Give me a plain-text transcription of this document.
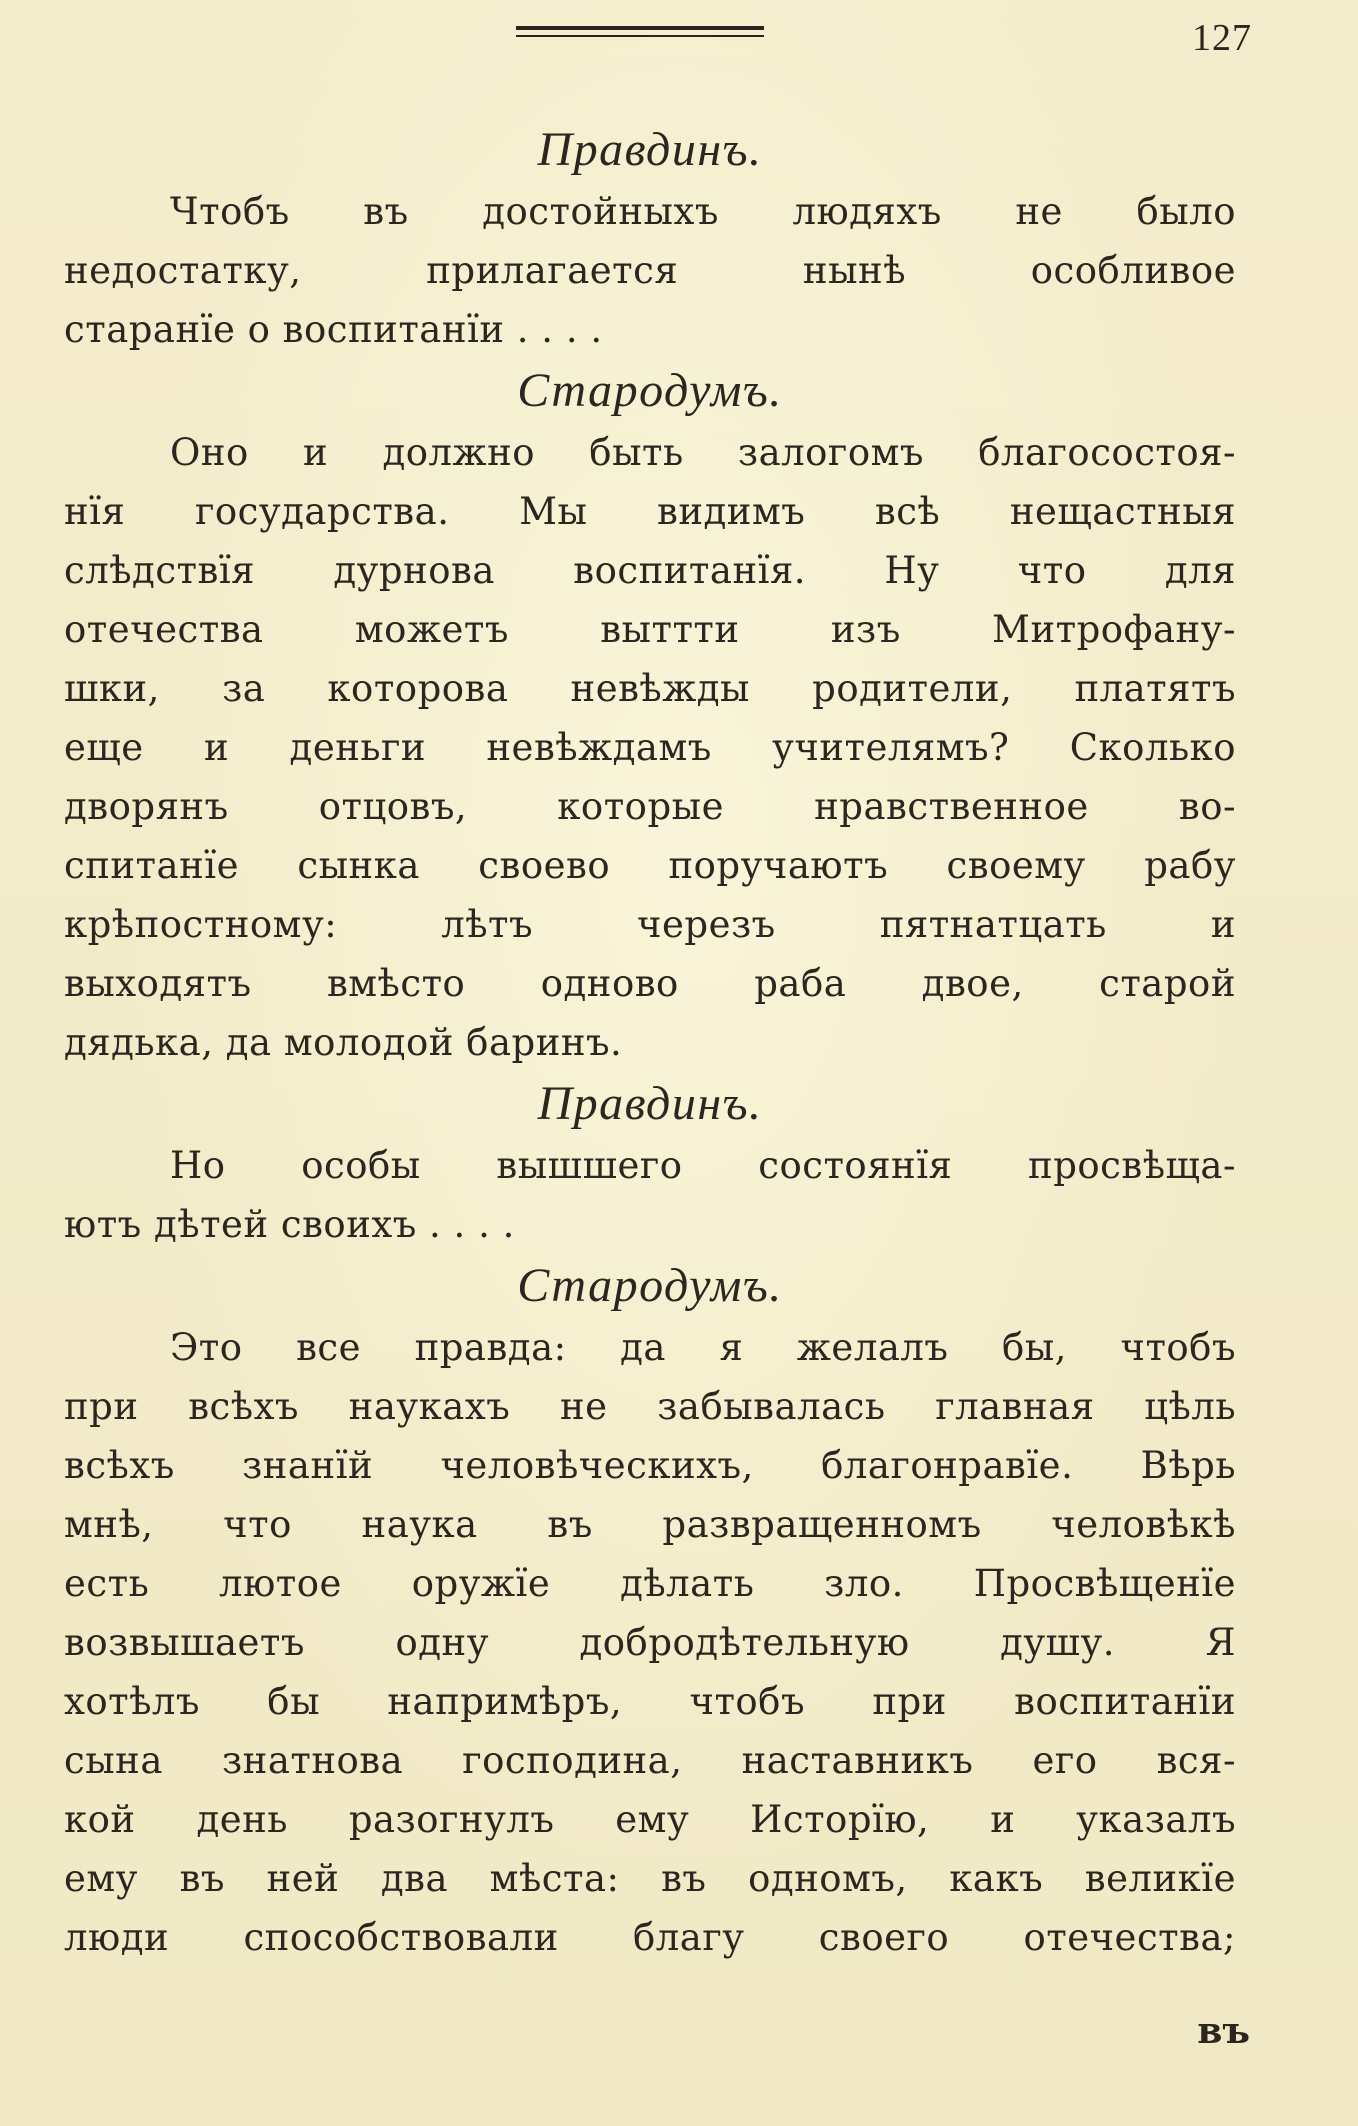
127

Правдинъ.

Чтобъ въ достойныхъ людяхъ не было

недостатку, прилагается нынѣ особливое

старанїе о воспитанїи . . . .

Стародумъ.

Оно и должно быть залогомъ благосостоя-

нїя государства. Мы видимъ всѣ нещастныя

слѣдствїя дурнова воспитанїя. Ну что для

отечества можетъ выттти изъ Митрофану-

шки, за которова невѣжды родители, платятъ

еще и деньги невѣждамъ учителямъ? Сколько

дворянъ отцовъ, которые нравственное во-

спитанїе сынка своево поручаютъ своему рабу

крѣпостному: лѣтъ черезъ пятнатцать и

выходятъ вмѣсто одново раба двое, старой

дядька, да молодой баринъ.

Правдинъ.

Но особы вышшего состоянїя просвѣща-

ютъ дѣтей своихъ . . . .

Стародумъ.

Это все правда: да я желалъ бы, чтобъ

при всѣхъ наукахъ не забывалась главная цѣль

всѣхъ знанїй человѣческихъ, благонравїе. Вѣрь

мнѣ, что наука въ развращенномъ человѣкѣ

есть лютое оружїе дѣлать зло. Просвѣщенїе

возвышаетъ одну добродѣтельную душу. Я

хотѣлъ бы напримѣръ, чтобъ при воспитанїи

сына знатнова господина, наставникъ его вся-

кой день разогнулъ ему Исторїю, и указалъ

ему въ ней два мѣста: въ одномъ, какъ великїе

люди способствовали благу своего отечества;

въ
